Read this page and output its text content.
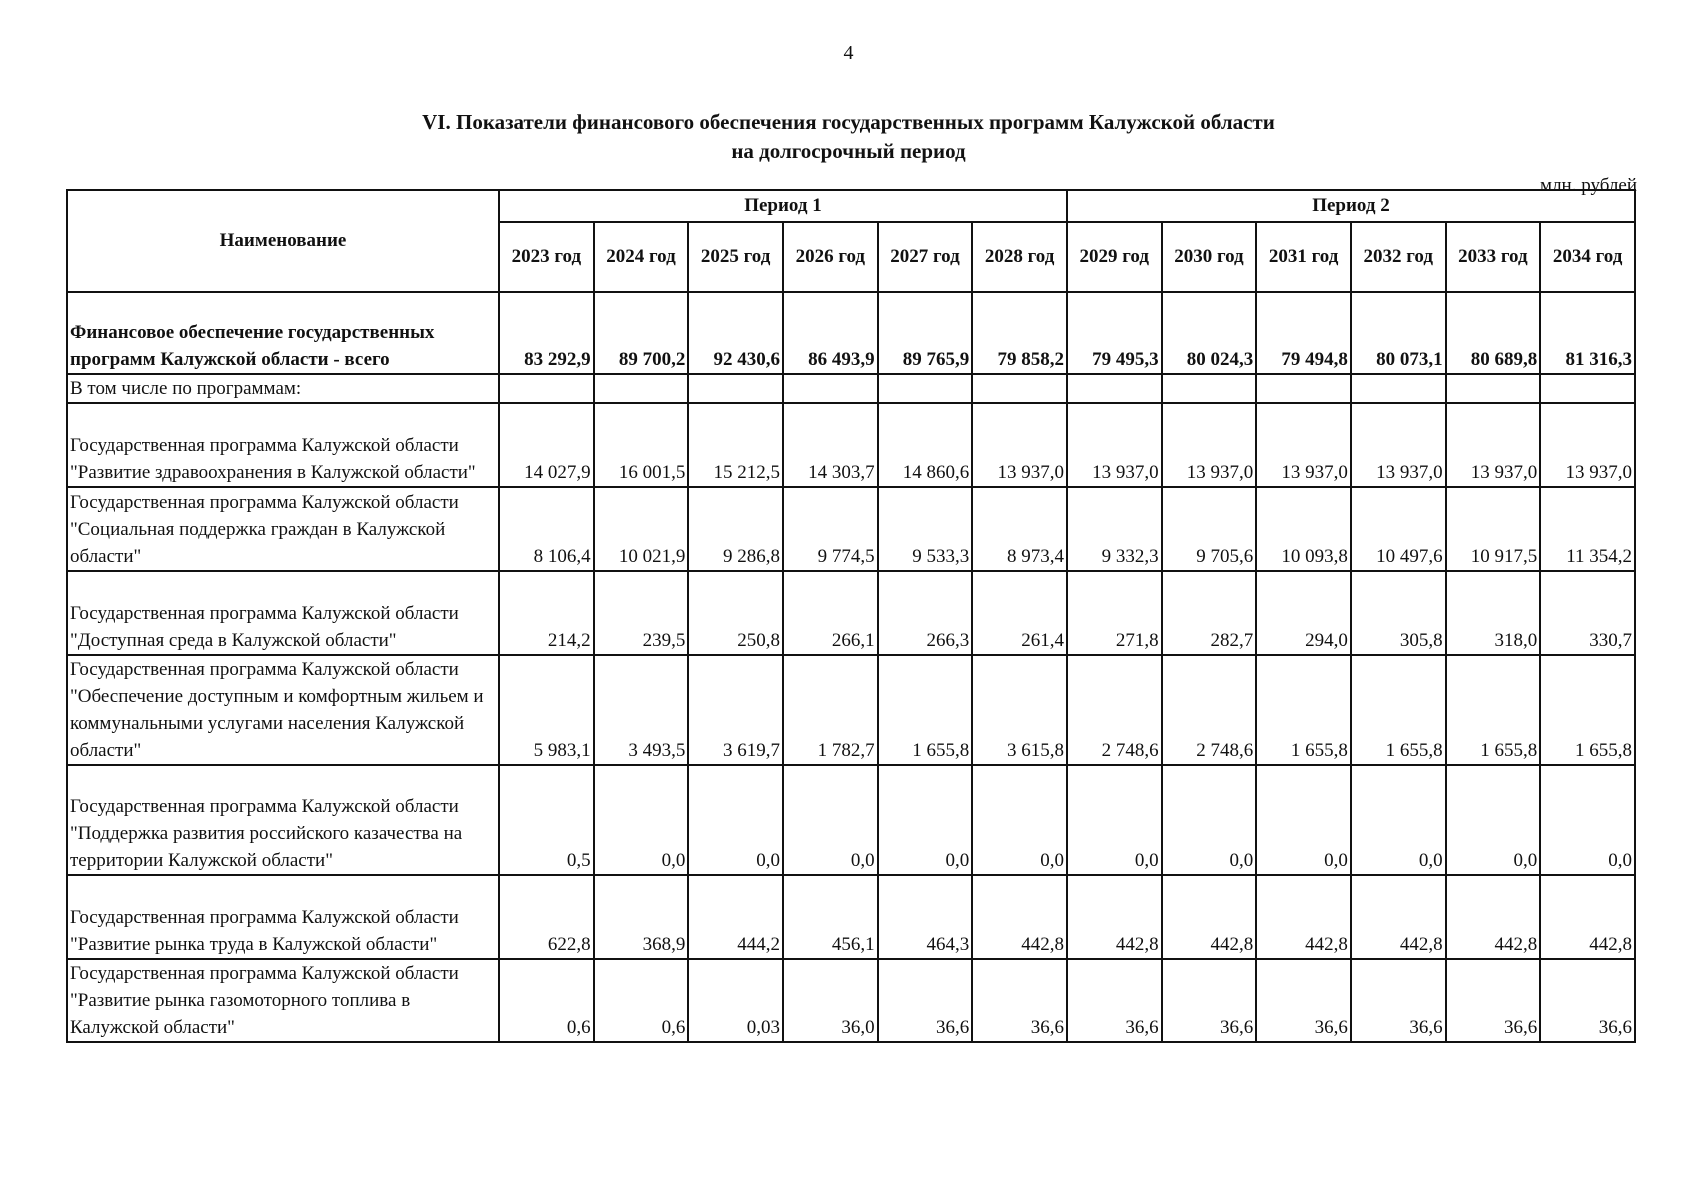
4
VI. Показатели финансового обеспечения государственных программ Калужской области
на долгосрочный период
млн. рублей
Наименование	Период 1						Период 2					
	2023 год	2024 год	2025 год	2026 год	2027 год	2028 год	2029 год	2030 год	2031 год	2032 год	2033 год	2034 год
Финансовое обеспечение государственных программ Калужской области - всего	83 292,9	89 700,2	92 430,6	86 493,9	89 765,9	79 858,2	79 495,3	80 024,3	79 494,8	80 073,1	80 689,8	81 316,3
В том числе по программам:												
Государственная программа Калужской области "Развитие здравоохранения в Калужской области"	14 027,9	16 001,5	15 212,5	14 303,7	14 860,6	13 937,0	13 937,0	13 937,0	13 937,0	13 937,0	13 937,0	13 937,0
Государственная программа Калужской области "Социальная поддержка граждан в Калужской области"	8 106,4	10 021,9	9 286,8	9 774,5	9 533,3	8 973,4	9 332,3	9 705,6	10 093,8	10 497,6	10 917,5	11 354,2
Государственная программа Калужской области "Доступная среда в Калужской области"	214,2	239,5	250,8	266,1	266,3	261,4	271,8	282,7	294,0	305,8	318,0	330,7
Государственная программа Калужской области "Обеспечение доступным и комфортным жильем и коммунальными услугами населения Калужской области"	5 983,1	3 493,5	3 619,7	1 782,7	1 655,8	3 615,8	2 748,6	2 748,6	1 655,8	1 655,8	1 655,8	1 655,8
Государственная программа Калужской области "Поддержка развития российского казачества на территории Калужской области"	0,5	0,0	0,0	0,0	0,0	0,0	0,0	0,0	0,0	0,0	0,0	0,0
Государственная программа Калужской области "Развитие рынка труда в Калужской области"	622,8	368,9	444,2	456,1	464,3	442,8	442,8	442,8	442,8	442,8	442,8	442,8
Государственная программа Калужской области "Развитие рынка газомоторного топлива в Калужской области"	0,6	0,6	0,03	36,0	36,6	36,6	36,6	36,6	36,6	36,6	36,6	36,6
